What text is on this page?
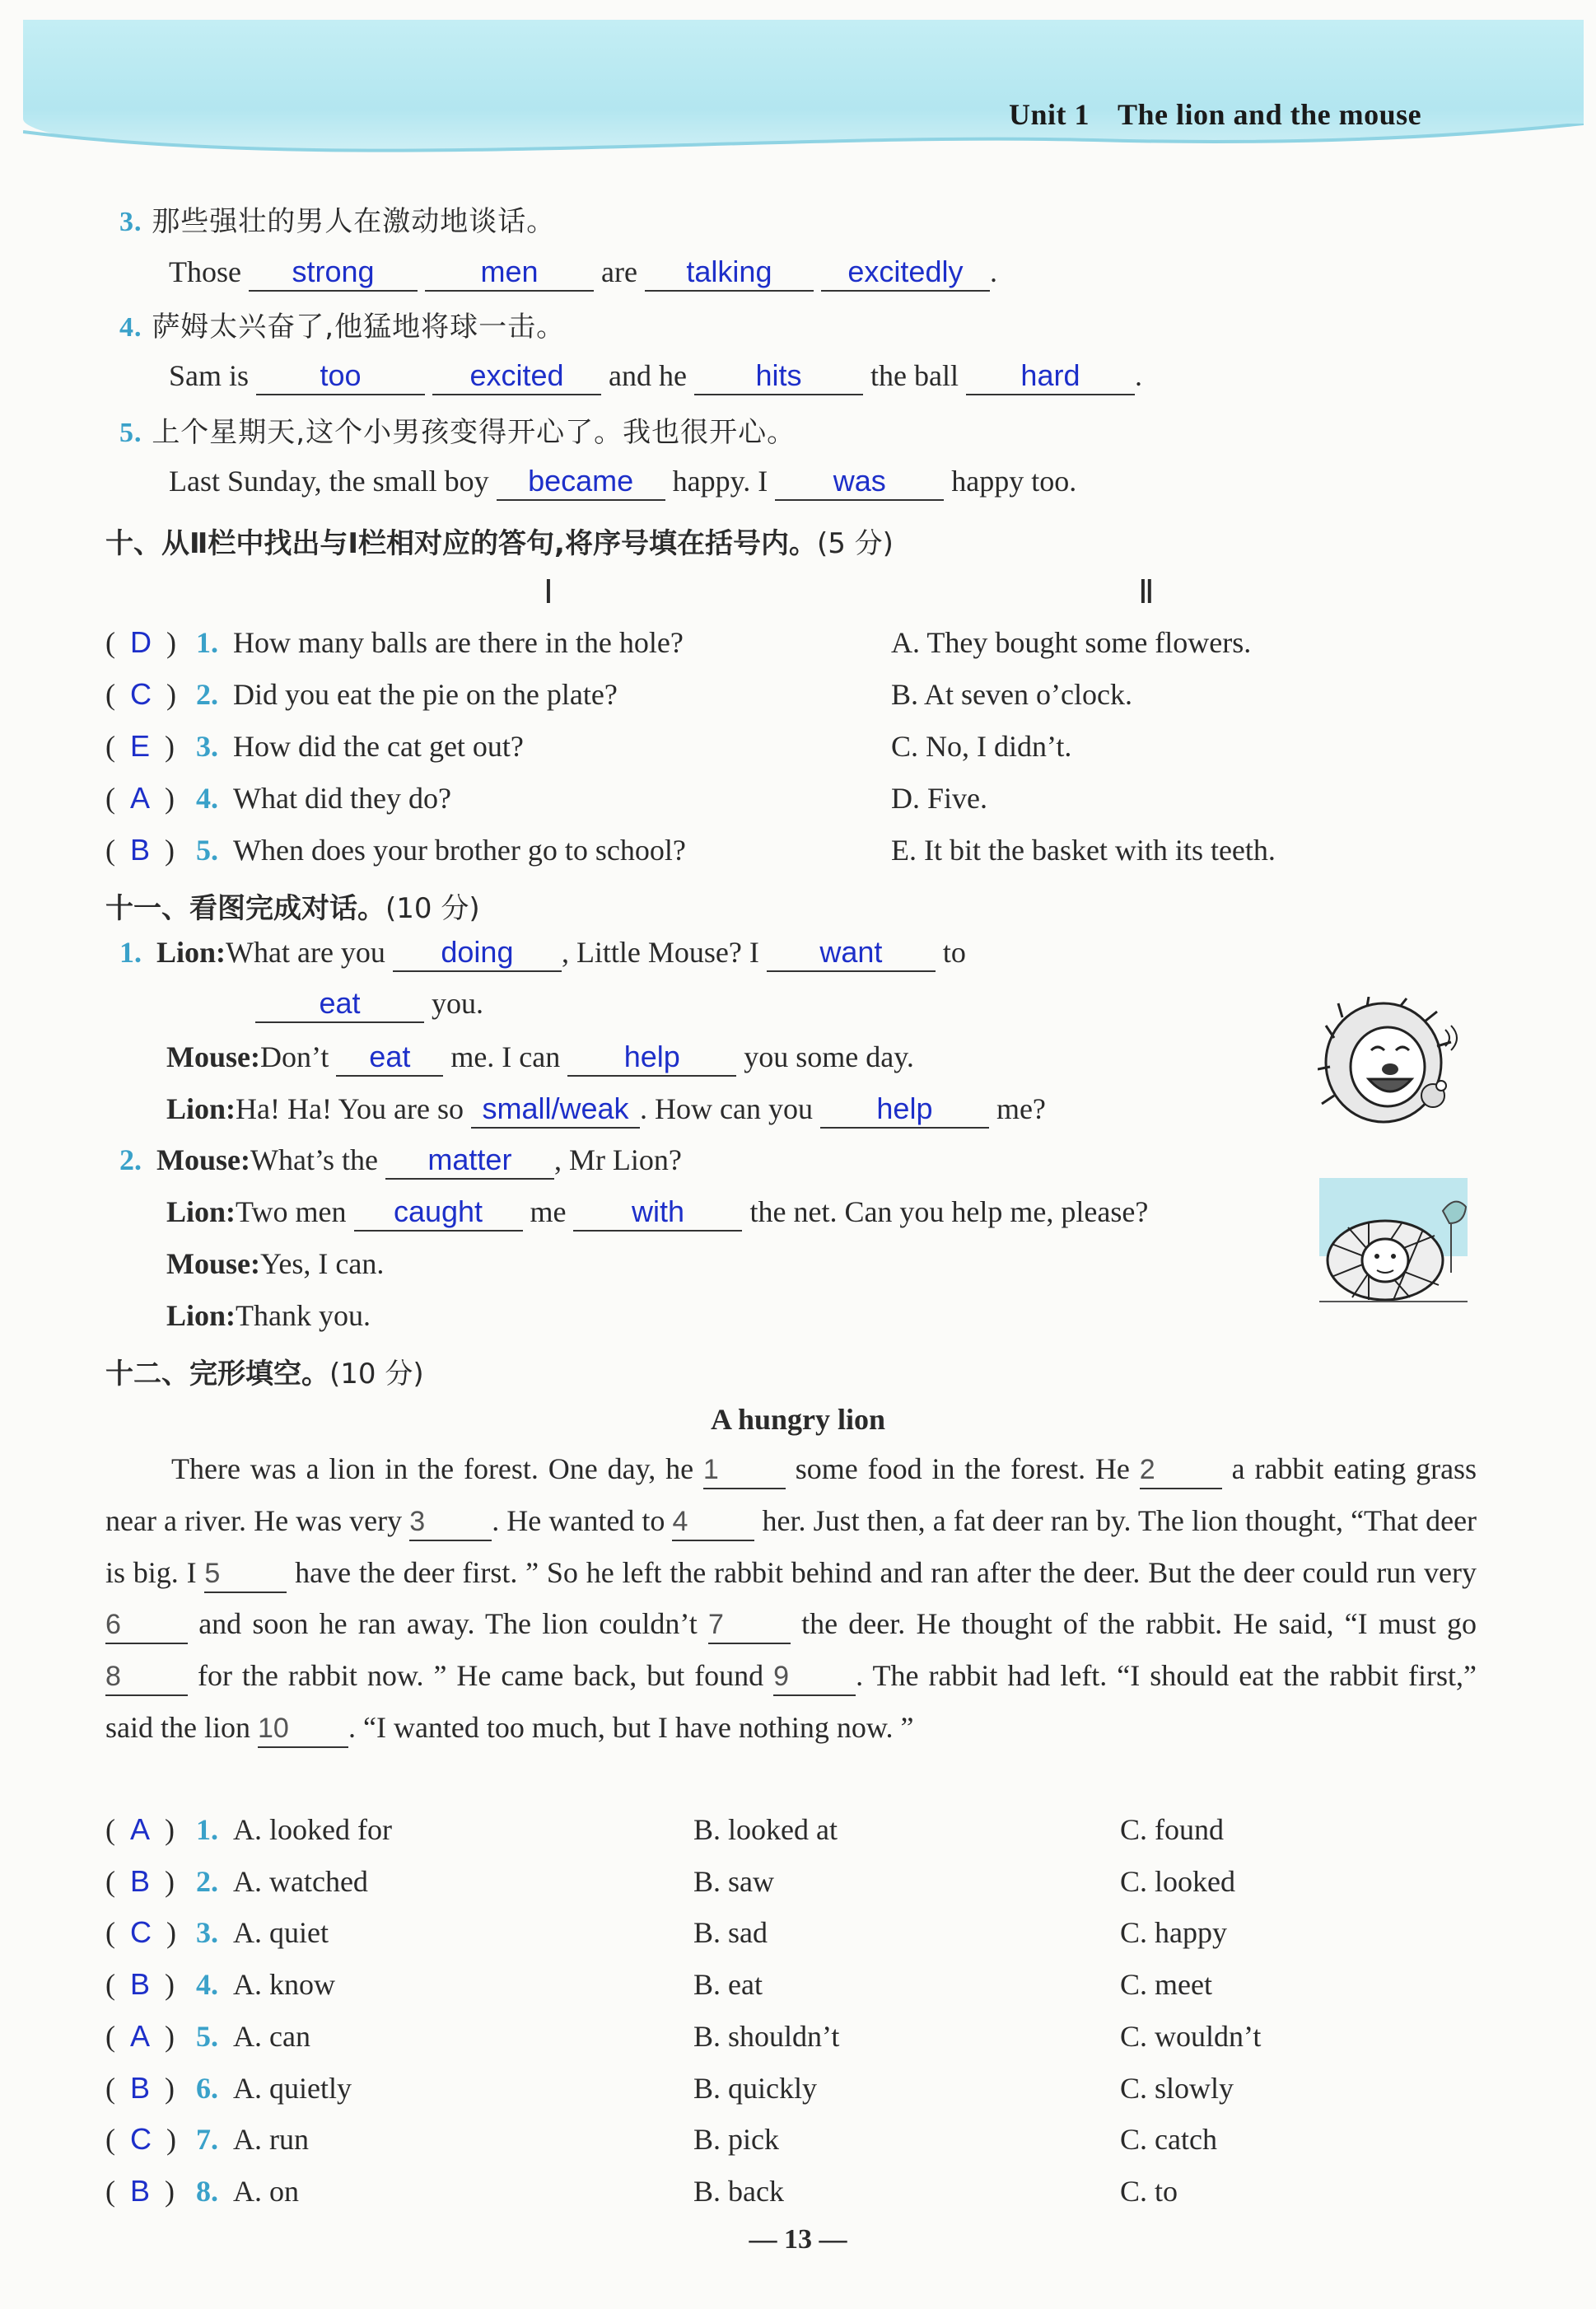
Unit 1 The lion and the mouse
3. 那些强壮的男人在激动地谈话。
Those strong	men are talking	excitedly .
4. 萨姆太兴奋了,他猛地将球一击。
Sam is too	excited and he hits the ball hard .
5. 上个星期天,这个小男孩变得开心了。我也很开心。
Last Sunday, the small boy became happy. I was happy too.
十、从Ⅱ栏中找出与Ⅰ栏相对应的答句,将序号填在括号内。(5 分)
Ⅰ	Ⅱ
(  D  ) 1. How many balls are there in the hole?	A. They bought some flowers.
(  C  ) 2. Did you eat the pie on the plate?	B. At seven o’clock.
(  E  ) 3. How did the cat get out?	C. No, I didn’t.
(  A  ) 4. What did they do?	D. Five.
(  B  ) 5. When does your brother go to school?	E. It bit the basket with its teeth.
十一、看图完成对话。(10 分)
1. Lion:What are you doing , Little Mouse? I want to
eat you.
Mouse:Don’t eat me. I can help you some day.
Lion:Ha! Ha! You are so small/weak . How can you help me?
2. Mouse:What’s the matter , Mr Lion?
Lion:Two men caught me with the net. Can you help me, please?
Mouse:Yes, I can.
Lion:Thank you.
十二、完形填空。(10 分)
A hungry lion
There was a lion in the forest. One day, he 1	some food in the forest. He 2	a rabbit eating grass near a river. He was very 3 . He wanted to 4	her. Just then, a fat deer ran by. The lion thought, “That deer is big. I 5	have the deer first. ” So he left the rabbit behind and ran after the deer. But the deer could run very 6	and soon he ran away. The lion couldn’t 7	the deer. He thought of the rabbit. He said, “I must go 8	for the rabbit now. ” He came back, but found 9 . The rabbit had left. “I should eat the rabbit first,” said the lion 10 . “I wanted too much, but I have nothing now. ”
(  A  ) 1. A. looked for	B. looked at	C. found
(  B  ) 2. A. watched	B. saw	C. looked
(  C  ) 3. A. quiet	B. sad	C. happy
(  B  ) 4. A. know	B. eat	C. meet
(  A  ) 5. A. can	B. shouldn’t	C. wouldn’t
(  B  ) 6. A. quietly	B. quickly	C. slowly
(  C  ) 7. A. run	B. pick	C. catch
(  B  ) 8. A. on	B. back	C. to
— 13 —
